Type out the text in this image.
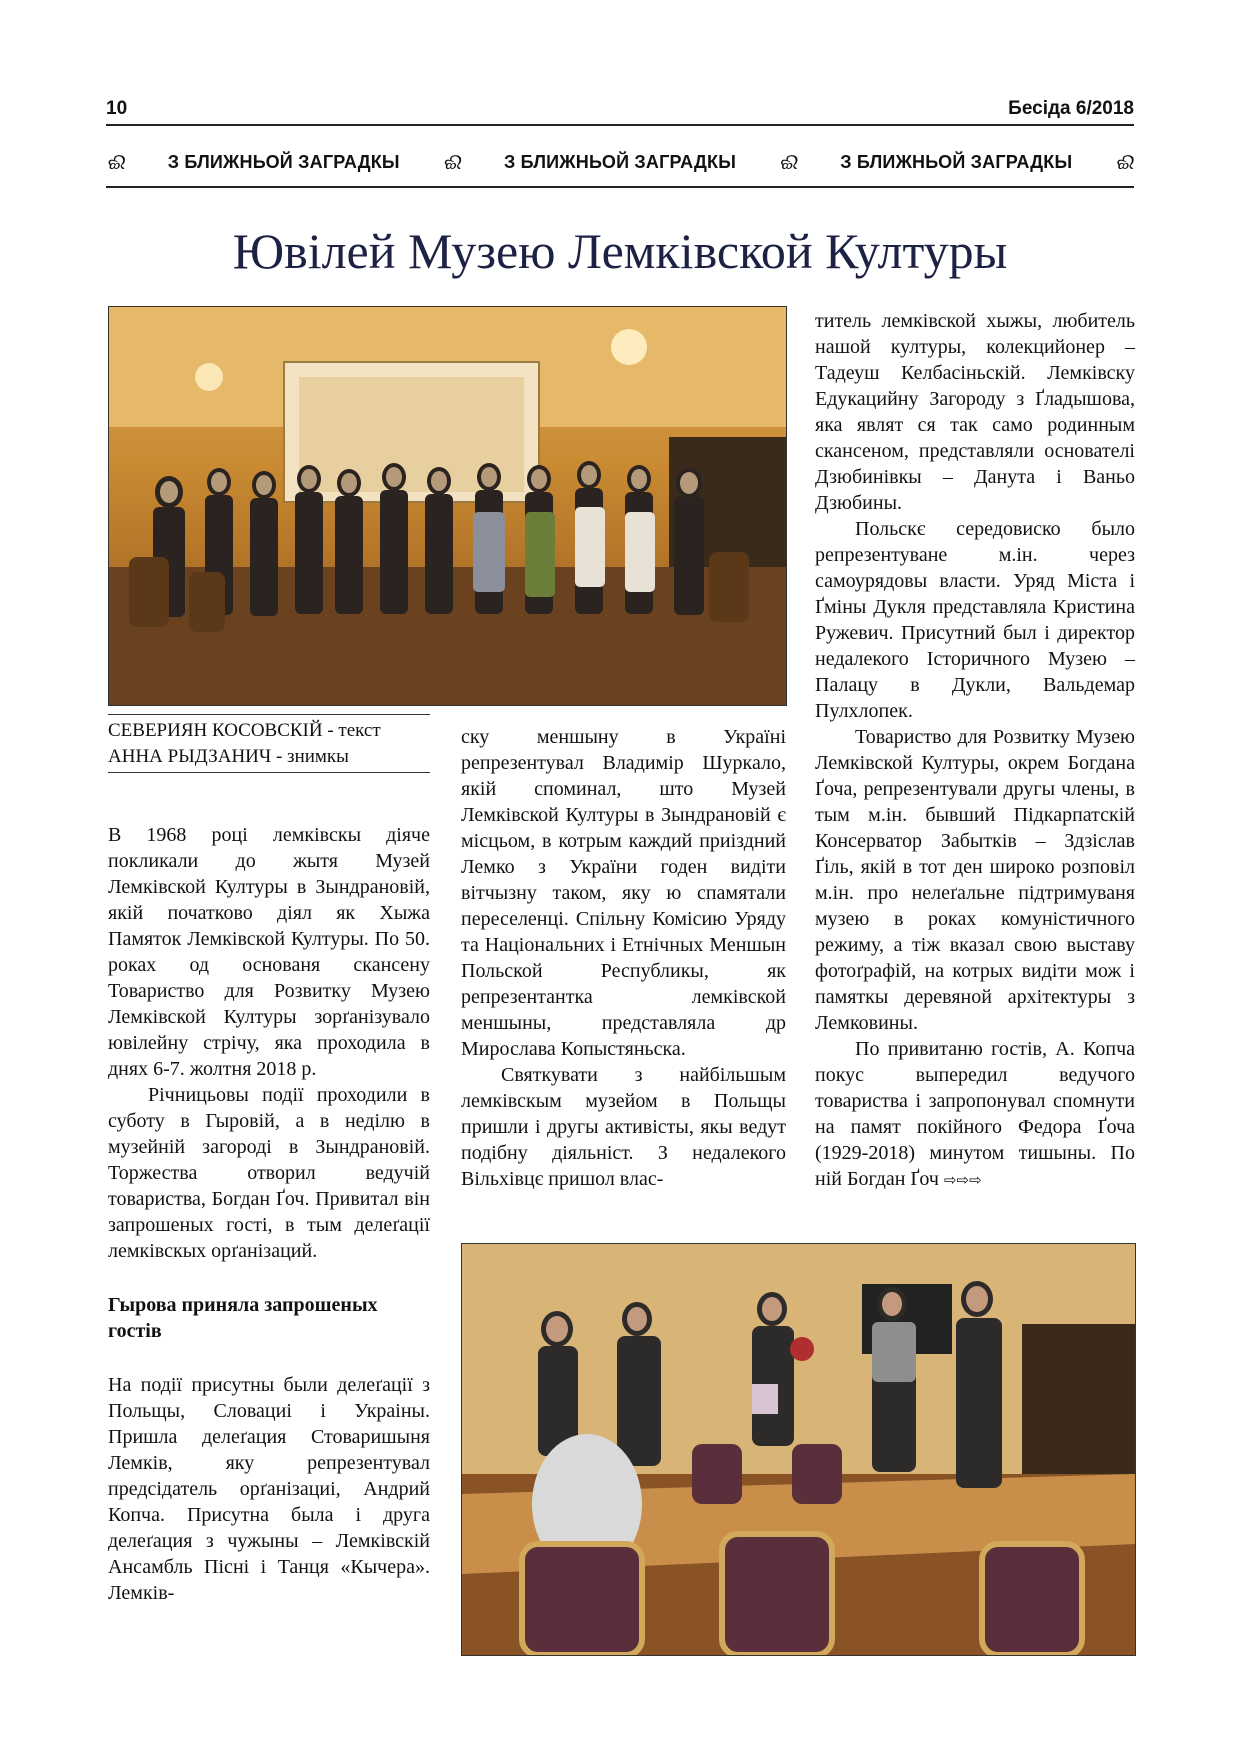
10	Бесіда 6/2018
ଈ З БЛИЖНЬОЙ ЗАГРАДКЫ ଈ З БЛИЖНЬОЙ ЗАГРАДКЫ ଈ З БЛИЖНЬОЙ ЗАГРАДКЫ ଈ
Ювілей Музею Лемківской Културы
СЕВЕРИЯН КОСОВСКІЙ - текст
АННА РЫДЗАНИЧ - знимкы

В 1968 році лемківскы діяче покликали до жытя Музей Лемківской Културы в Зындрановій, якій початково діял як Хыжа Памяток Лемківской Културы. По 50. роках од основаня скансену Товариство для Розвитку Музею Лемківской Културы зорґанізувало ювілейну стрічу, яка проходила в днях 6-7. жолтня 2018 р.

Річницьовы події проходили в суботу в Гыровій, а в неділю в музейній загороді в Зындрановій. Торжества отворил ведучій товариства, Богдан Ґоч. Привитал він запрошеных гості, в тым делеґації лемківскых орґанізаций.

Гырова приняла запрошеных гостів

На події присутны были делеґації з Польщы, Словациі і Украіны. Пришла делеґация Стоваришыня Лемків, яку репрезентувал предсідатель орґанізациі, Андрий Копча. Присутна была і друга делеґация з чужыны – Лемківскій Ансамбль Пісні і Танця «Кычера». Лемків-

ску меншыну в Україні репрезентувал Владимір Шуркало, якій споминал, што Музей Лемківской Културы в Зындрановій є місцьом, в котрым каждий приіздний Лемко з України годен видіти вітчызну таком, яку ю спамятали переселенці. Спільну Комісию Уряду та Національних і Етнічных Меншын Польской Республикы, як репрезентантка лемківской меншыны, представляла др Мирослава Копыстяньска.

Святкувати з найбільшым лемківскым музейом в Польщы пришли і другы активісты, якы ведут подібну діяльніст. З недалекого Вільхівцє пришол влас-

титель лемківской хыжы, любитель нашой културы, колекцийонер – Тадеуш Келбасіньскій. Лемківску Едукацийну Загороду з Ґладышова, яка являт ся так само родинным скансеном, представляли основателі Дзюбинівкы – Данута і Ваньо Дзюбины.

Польскє середовиско было репрезентуване м.ін. через самоурядовы власти. Уряд Міста і Ґміны Дукля представляла Кристина Ружевич. Присутний был і директор недалекого Історичного Музею – Палацу в Дукли, Вальдемар Пулхлопек.

Товариство для Розвитку Музею Лемківской Културы, окрем Богдана Ґоча, репрезентували другы члены, в тым м.ін. бывший Підкарпатскій Консерватор Забытків – Здзіслав Ґіль, якій в тот ден широко розповіл м.ін. про нелеґальне підтримуваня музею в роках комуністичного режиму, а тіж вказал свою выставу фотоґрафій, на котрых видіти мож і памяткы деревяной архітектуры з Лемковины.

По привитаню гостів, А. Копча покус выпередил ведучого товариства і запропонувал спомнути на памят покійного Федора Ґоча (1929-2018) минутом тишыны. По ній Богдан Ґоч ⇨⇨⇨
